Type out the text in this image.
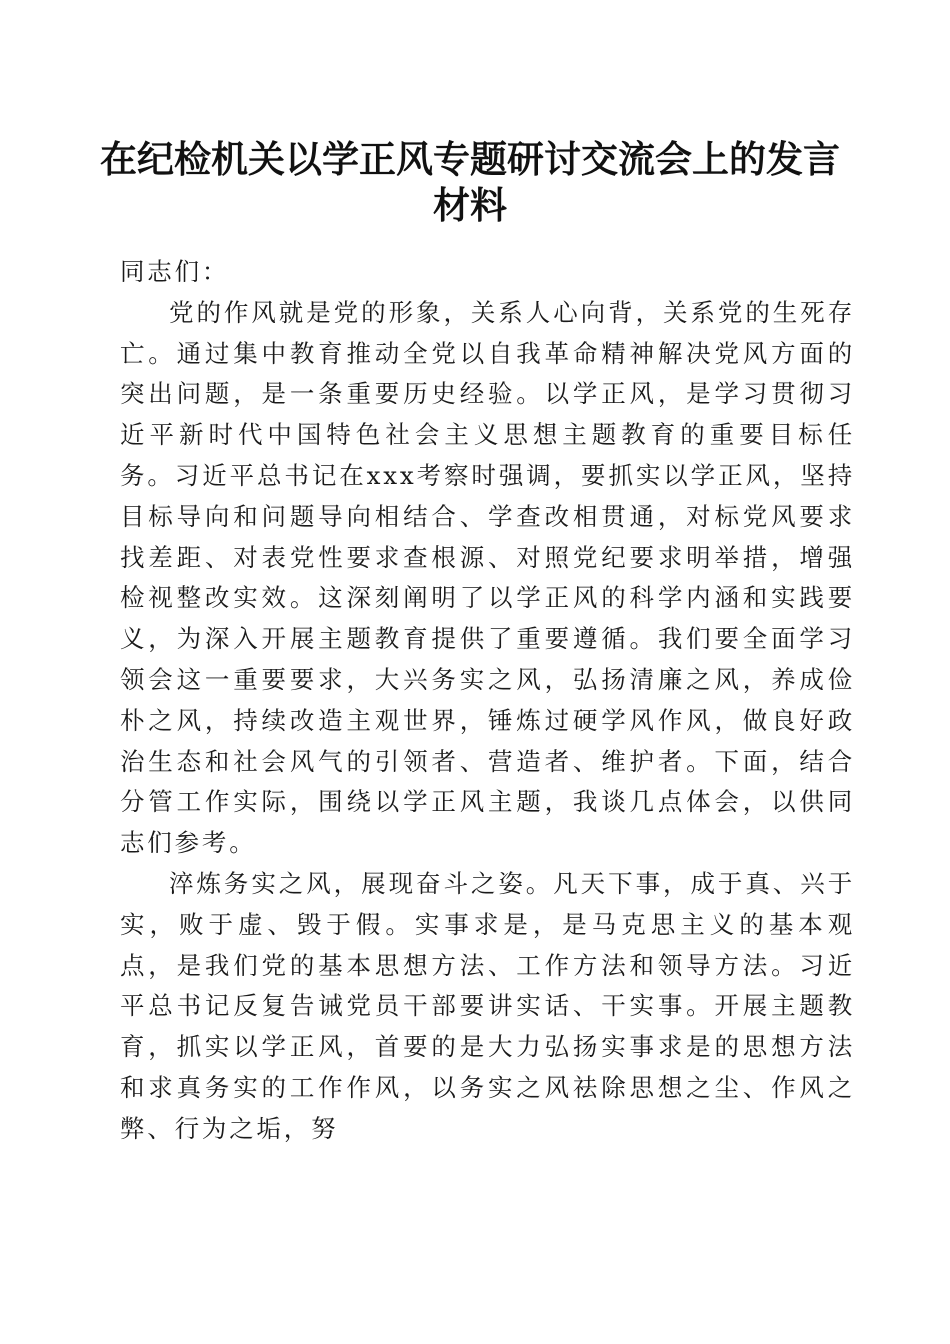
在纪检机关以学正风专题研讨交流会上的发言材料

同志们：

党的作风就是党的形象，关系人心向背，关系党的生死存亡。通过集中教育推动全党以自我革命精神解决党风方面的突出问题，是一条重要历史经验。以学正风，是学习贯彻习近平新时代中国特色社会主义思想主题教育的重要目标任务。习近平总书记在xxx考察时强调，要抓实以学正风，坚持目标导向和问题导向相结合、学查改相贯通，对标党风要求找差距、对表党性要求查根源、对照党纪要求明举措，增强检视整改实效。这深刻阐明了以学正风的科学内涵和实践要义，为深入开展主题教育提供了重要遵循。我们要全面学习领会这一重要要求，大兴务实之风，弘扬清廉之风，养成俭朴之风，持续改造主观世界，锤炼过硬学风作风，做良好政治生态和社会风气的引领者、营造者、维护者。下面，结合分管工作实际，围绕以学正风主题，我谈几点体会，以供同志们参考。

淬炼务实之风，展现奋斗之姿。凡天下事，成于真、兴于实，败于虚、毁于假。实事求是，是马克思主义的基本观点，是我们党的基本思想方法、工作方法和领导方法。习近平总书记反复告诫党员干部要讲实话、干实事。开展主题教育，抓实以学正风，首要的是大力弘扬实事求是的思想方法和求真务实的工作作风，以务实之风祛除思想之尘、作风之弊、行为之垢，努
